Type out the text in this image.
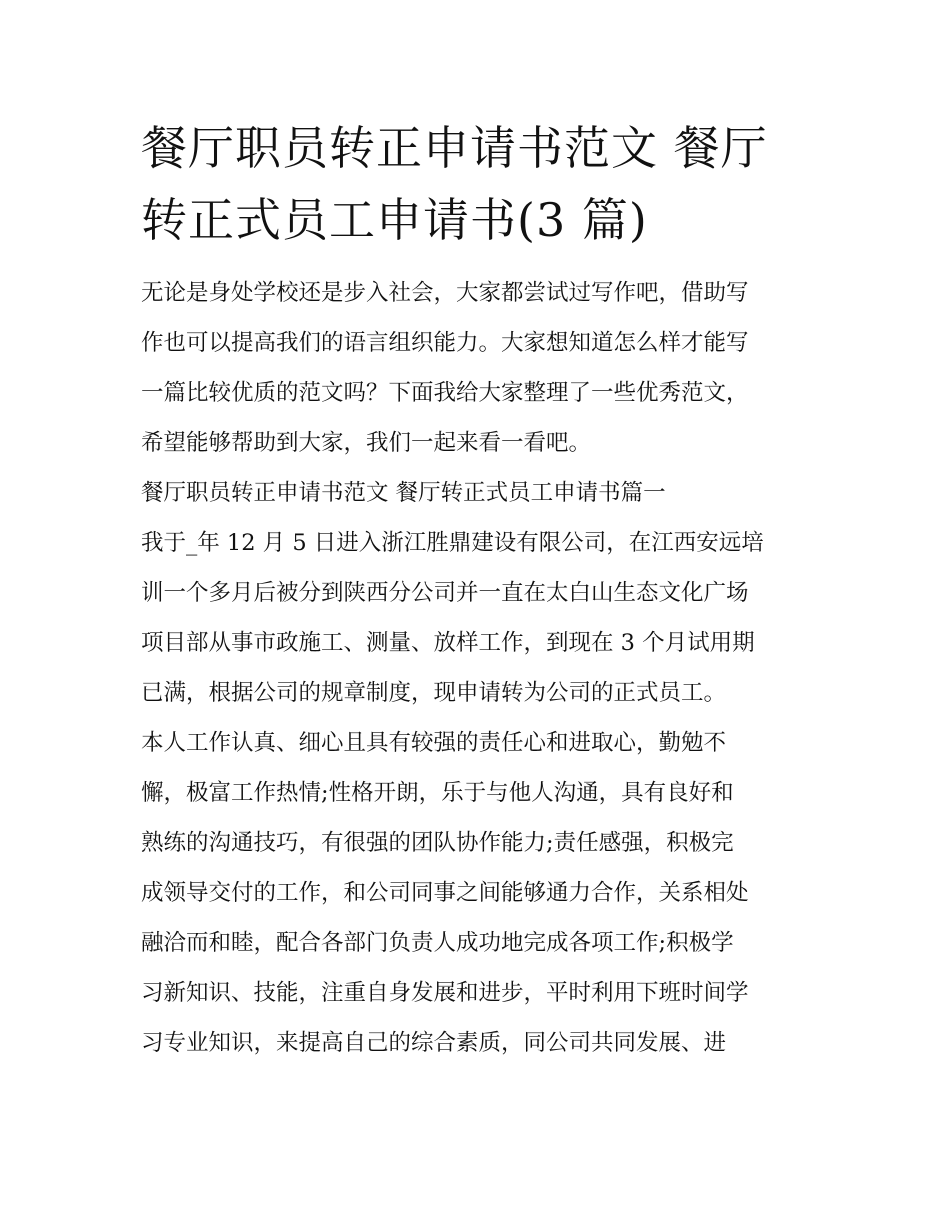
餐厅职员转正申请书范文 餐厅
转正式员工申请书(3 篇)

无论是身处学校还是步入社会，大家都尝试过写作吧，借助写
作也可以提高我们的语言组织能力。大家想知道怎么样才能写
一篇比较优质的范文吗？下面我给大家整理了一些优秀范文，
希望能够帮助到大家，我们一起来看一看吧。

餐厅职员转正申请书范文 餐厅转正式员工申请书篇一

我于_年 12 月 5 日进入浙江胜鼎建设有限公司，在江西安远培
训一个多月后被分到陕西分公司并一直在太白山生态文化广场
项目部从事市政施工、测量、放样工作，到现在 3 个月试用期
已满，根据公司的规章制度，现申请转为公司的正式员工。

本人工作认真、细心且具有较强的责任心和进取心，勤勉不
懈，极富工作热情;性格开朗，乐于与他人沟通，具有良好和
熟练的沟通技巧，有很强的团队协作能力;责任感强，积极完
成领导交付的工作，和公司同事之间能够通力合作，关系相处
融洽而和睦，配合各部门负责人成功地完成各项工作;积极学
习新知识、技能，注重自身发展和进步，平时利用下班时间学
习专业知识，来提高自己的综合素质，同公司共同发展、进
